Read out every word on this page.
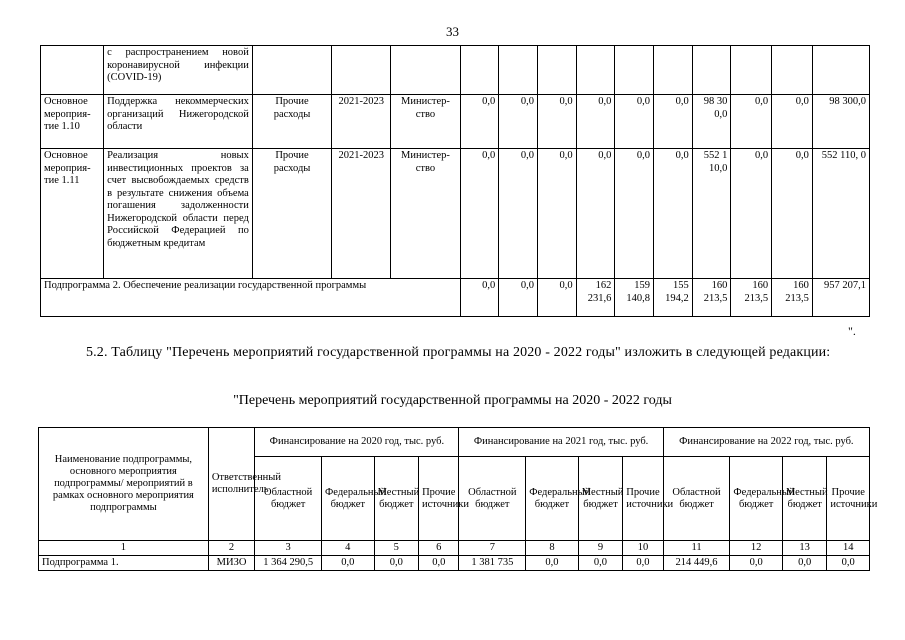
33
	с распространением новой коронавирусной инфекции (COVID-19)													
Основное мероприя-тие 1.10	Поддержка некоммерческих организаций Нижегородской области	Прочие расходы	2021-2023	Министер-ство	0,0	0,0	0,0	0,0	0,0	0,0	98 30 0,0	0,0	0,0	98 300,0
Основное мероприя-тие 1.11	Реализация новых инвестиционных проектов за счет высвобождаемых средств в результате снижения объема погашения задолженности Нижегородской области перед Российской Федерацией по бюджетным кредитам	Прочие расходы	2021-2023	Министер-ство	0,0	0,0	0,0	0,0	0,0	0,0	552 1 10,0	0,0	0,0	552 110, 0
Подпрограмма 2. Обеспечение реализации государственной программы					0,0	0,0	0,0	162 231,6	159 140,8	155 194,2	160 213,5	160 213,5	160 213,5	957 207,1
".
5.2. Таблицу "Перечень мероприятий государственной программы на 2020 - 2022 годы" изложить в следующей редакции:
"Перечень мероприятий государственной программы на 2020 - 2022 годы
Наименование подпрограммы, основного мероприятия подпрограммы/ мероприятий в рамках основного мероприятия подпрограммы	Ответственный исполнитель	Финансирование на 2020 год, тыс. руб.				Финансирование на 2021 год, тыс. руб.				Финансирование на 2022 год, тыс. руб.			
		Областной бюджет	Федеральный бюджет	Местный бюджет	Прочие источники	Областной бюджет	Федеральный бюджет	Местный бюджет	Прочие источники	Областной бюджет	Федеральный бюджет	Местный бюджет	Прочие источники
1	2	3	4	5	6	7	8	9	10	11	12	13	14
Подпрограмма 1.	МИЗО	1 364 290,5	0,0	0,0	0,0	1 381 735	0,0	0,0	0,0	214 449,6	0,0	0,0	0,0
